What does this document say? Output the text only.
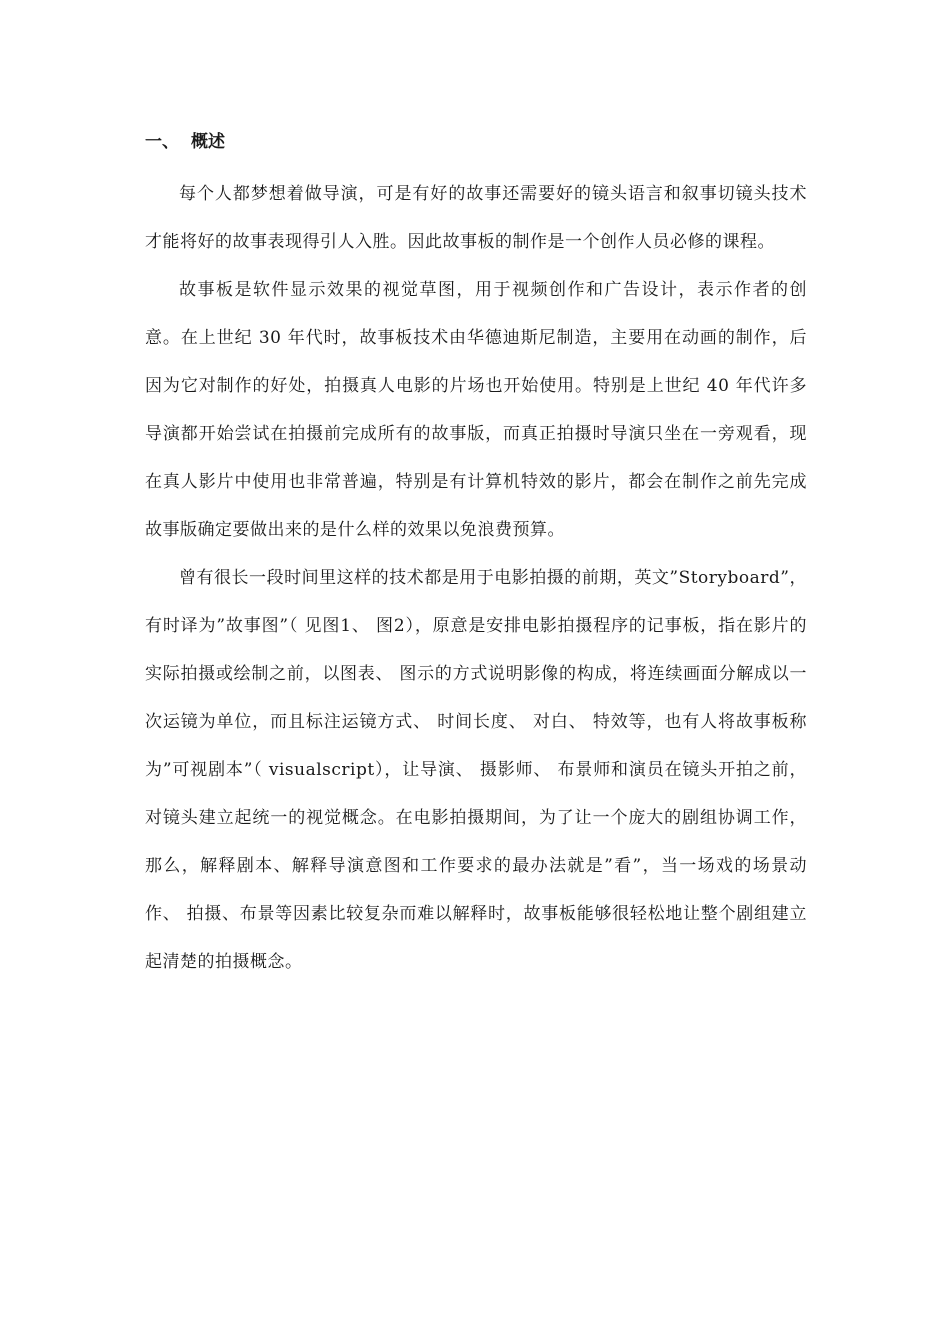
一、 概述

每个人都梦想着做导演，可是有好的故事还需要好的镜头语言和叙事切镜头技术才能将好的故事表现得引人入胜。因此故事板的制作是一个创作人员必修的课程。

故事板是软件显示效果的视觉草图，用于视频创作和广告设计，表示作者的创意。在上世纪 30 年代时，故事板技术由华德迪斯尼制造，主要用在动画的制作，后因为它对制作的好处，拍摄真人电影的片场也开始使用。特别是上世纪 40 年代许多导演都开始尝试在拍摄前完成所有的故事版，而真正拍摄时导演只坐在一旁观看，现在真人影片中使用也非常普遍，特别是有计算机特效的影片，都会在制作之前先完成故事版确定要做出来的是什么样的效果以免浪费预算。

曾有很长一段时间里这样的技术都是用于电影拍摄的前期，英文”Storyboard”，有时译为”故事图”（ 见图1、 图2），原意是安排电影拍摄程序的记事板，指在影片的实际拍摄或绘制之前，以图表、 图示的方式说明影像的构成，将连续画面分解成以一次运镜为单位，而且标注运镜方式、 时间长度、 对白、 特效等，也有人将故事板称为”可视剧本”（ visualscript），让导演、 摄影师、 布景师和演员在镜头开拍之前，对镜头建立起统一的视觉概念。在电影拍摄期间，为了让一个庞大的剧组协调工作，那么，解释剧本、解释导演意图和工作要求的最办法就是”看”，当一场戏的场景动作、 拍摄、布景等因素比较复杂而难以解释时，故事板能够很轻松地让整个剧组建立起清楚的拍摄概念。
